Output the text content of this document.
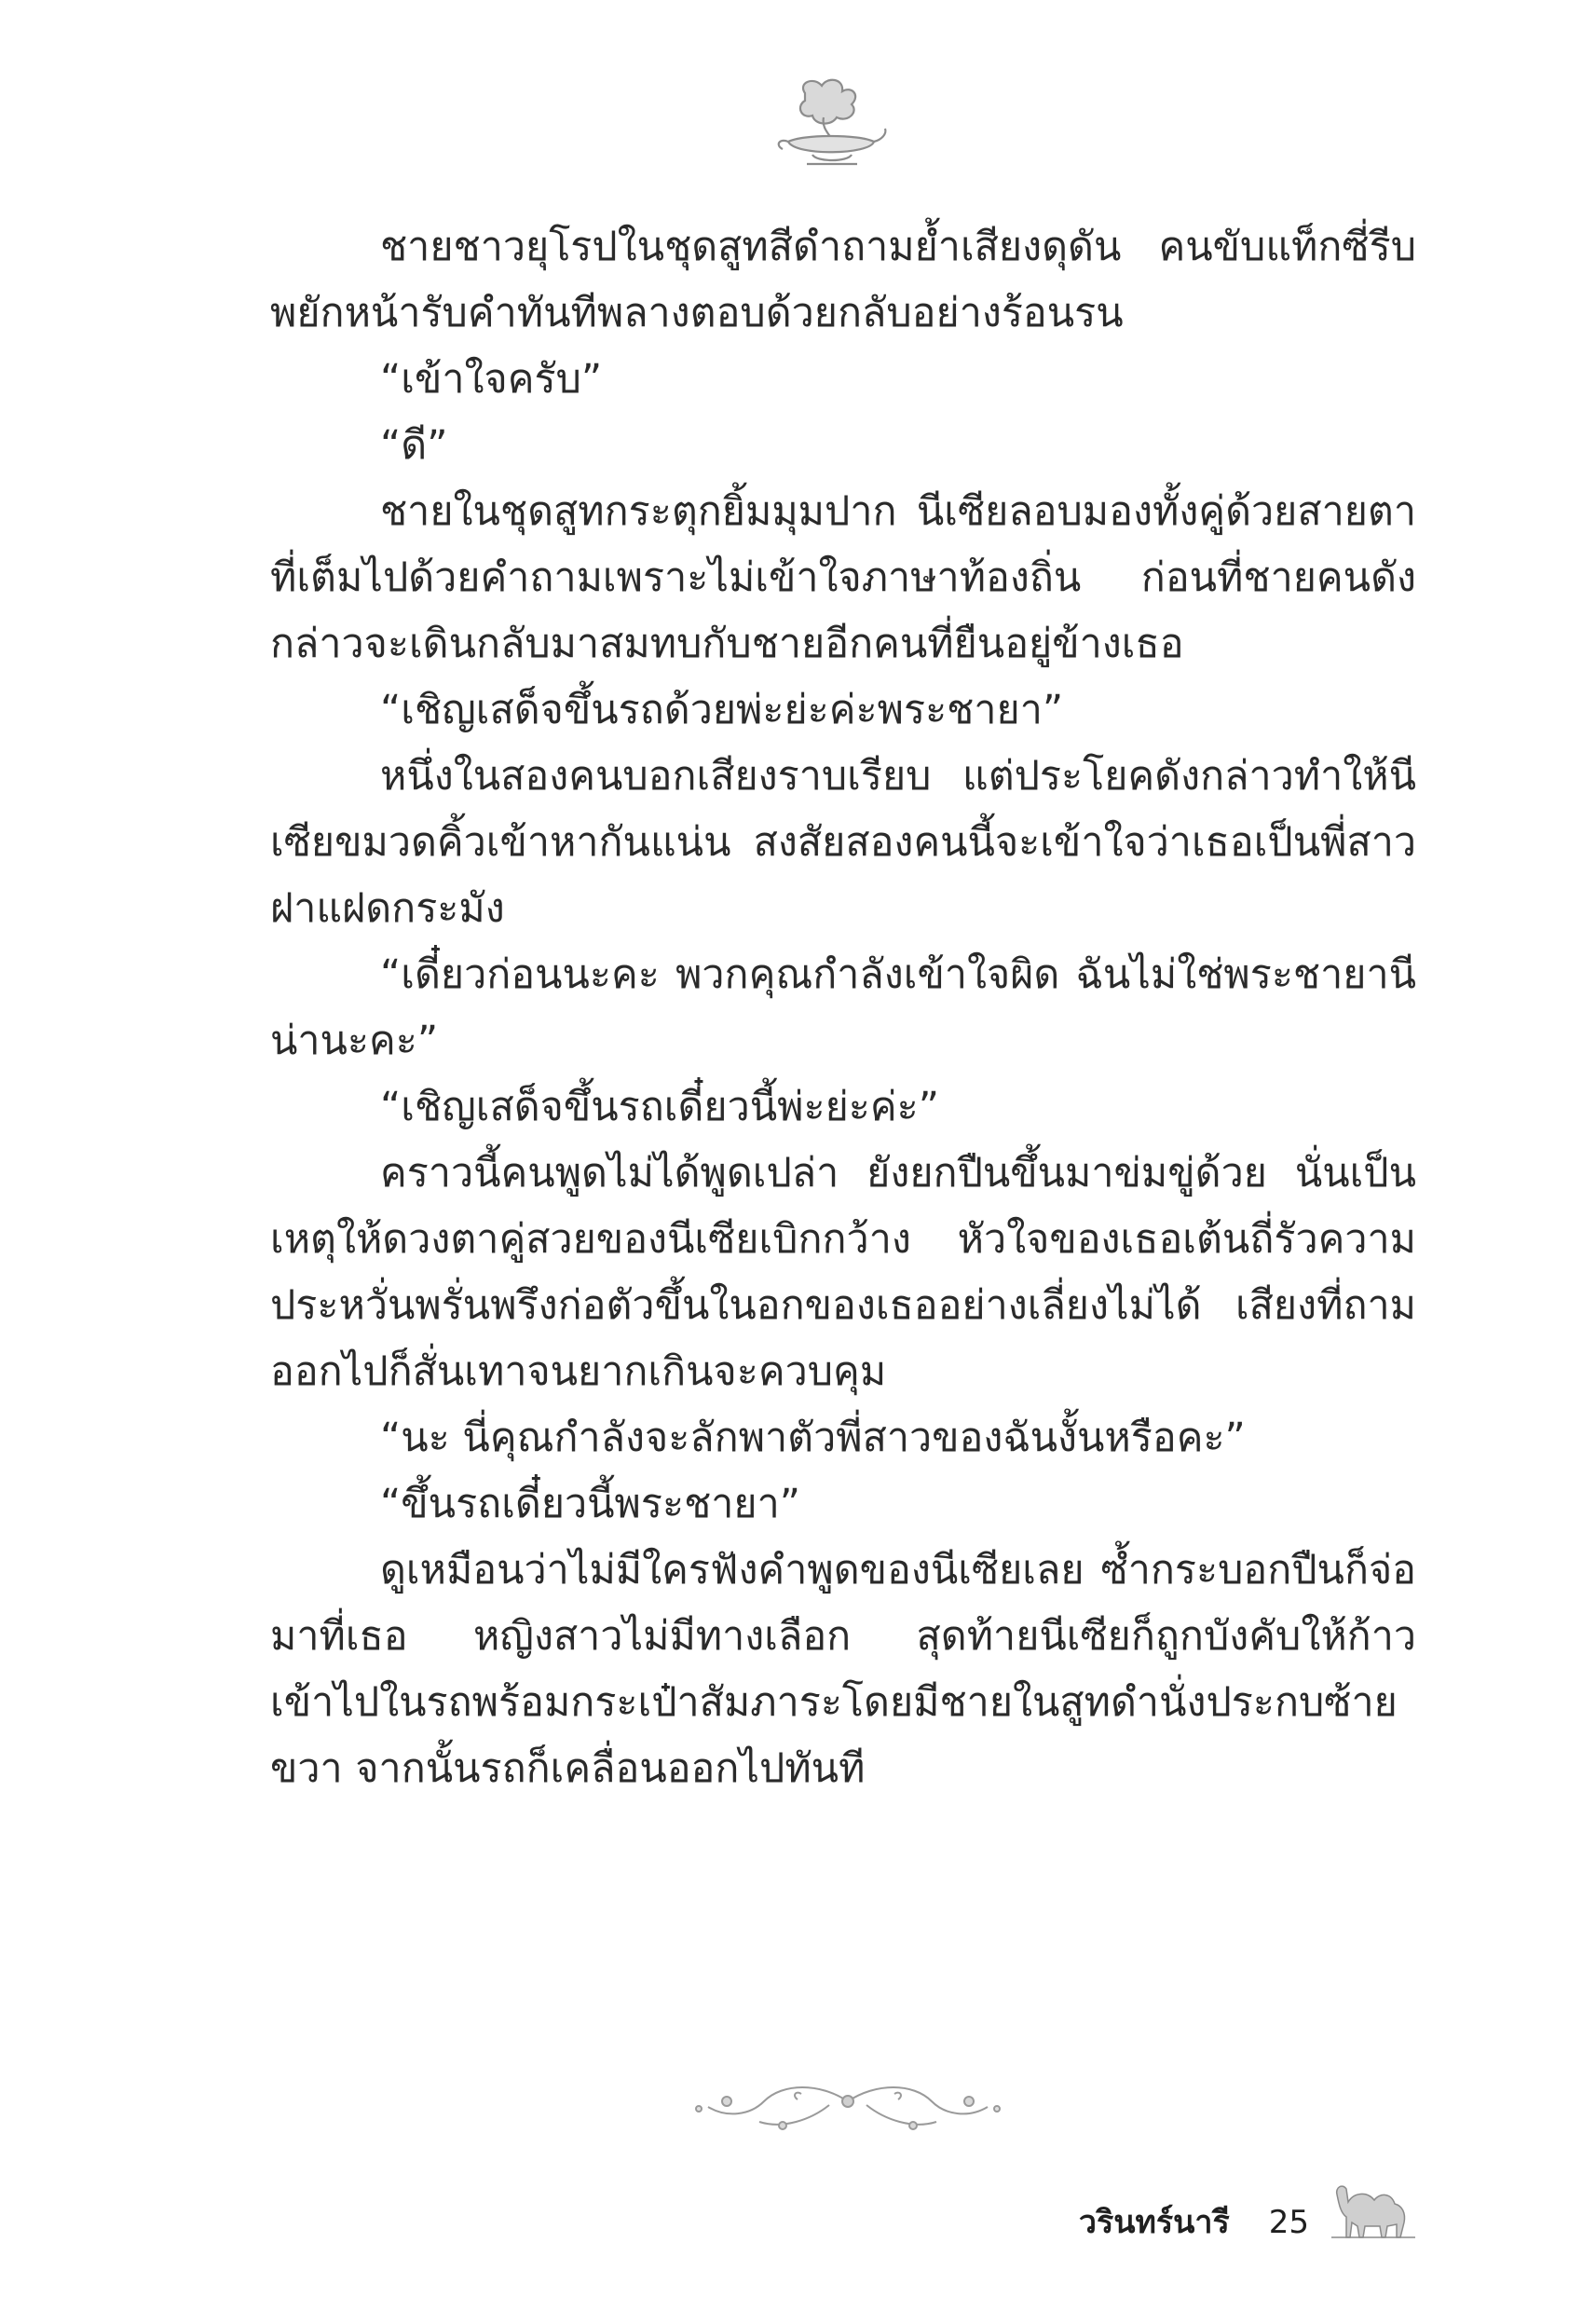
ชายชาวยุโรปในชุดสูทสีดำถามย้ำเสียงดุดัน คนขับแท็กซี่รีบพยักหน้ารับคำทันทีพลางตอบด้วยกลับอย่างร้อนรน

“เข้าใจครับ”

“ดี”

ชายในชุดสูทกระตุกยิ้มมุมปาก นีเซียลอบมองทั้งคู่ด้วยสายตาที่เต็มไปด้วยคำถามเพราะไม่เข้าใจภาษาท้องถิ่น ก่อนที่ชายคนดังกล่าวจะเดินกลับมาสมทบกับชายอีกคนที่ยืนอยู่ข้างเธอ

“เชิญเสด็จขึ้นรถด้วยพ่ะย่ะค่ะพระชายา”

หนึ่งในสองคนบอกเสียงราบเรียบ แต่ประโยคดังกล่าวทำให้นีเซียขมวดคิ้วเข้าหากันแน่น สงสัยสองคนนี้จะเข้าใจว่าเธอเป็นพี่สาวฝาแฝดกระมัง

“เดี๋ยวก่อนนะคะ พวกคุณกำลังเข้าใจผิด ฉันไม่ใช่พระชายานีน่านะคะ”

“เชิญเสด็จขึ้นรถเดี๋ยวนี้พ่ะย่ะค่ะ”

คราวนี้คนพูดไม่ได้พูดเปล่า ยังยกปืนขึ้นมาข่มขู่ด้วย นั่นเป็นเหตุให้ดวงตาคู่สวยของนีเซียเบิกกว้าง หัวใจของเธอเต้นถี่รัวความประหวั่นพรั่นพรึงก่อตัวขึ้นในอกของเธออย่างเลี่ยงไม่ได้ เสียงที่ถามออกไปก็สั่นเทาจนยากเกินจะควบคุม

“นะ นี่คุณกำลังจะลักพาตัวพี่สาวของฉันงั้นหรือคะ”

“ขึ้นรถเดี๋ยวนี้พระชายา”

ดูเหมือนว่าไม่มีใครฟังคำพูดของนีเซียเลย ซ้ำกระบอกปืนก็จ่อมาที่เธอ หญิงสาวไม่มีทางเลือก สุดท้ายนีเซียก็ถูกบังคับให้ก้าวเข้าไปในรถพร้อมกระเป๋าสัมภาระโดยมีชายในสูทดำนั่งประกบซ้ายขวา จากนั้นรถก็เคลื่อนออกไปทันที

วรินทร์นารี 25
